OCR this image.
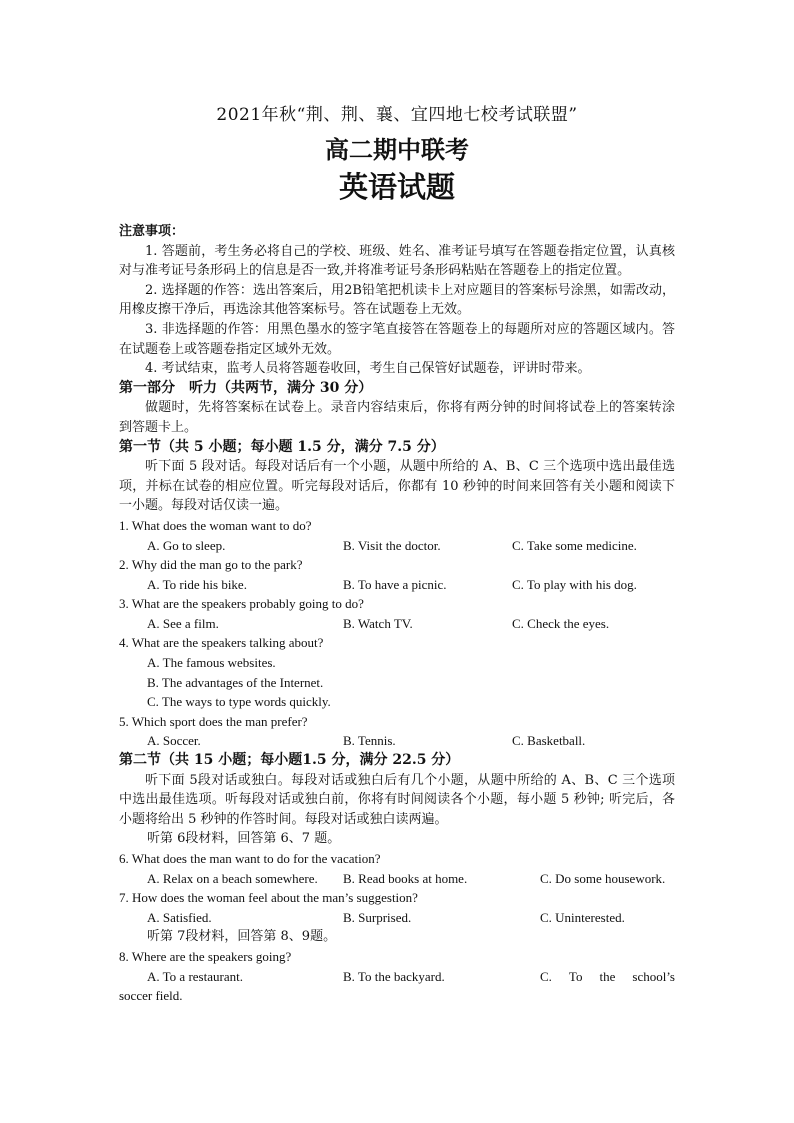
2021年秋“荆、荆、襄、宜四地七校考试联盟”
高二期中联考
英语试题

注意事项：

1. 答题前，考生务必将自己的学校、班级、姓名、准考证号填写在答题卷指定位置，认真核对与准考证号条形码上的信息是否一致,并将准考证号条形码粘贴在答题卷上的指定位置。

2. 选择题的作答：选出答案后，用2B铅笔把机读卡上对应题目的答案标号涂黑，如需改动，用橡皮擦干净后，再选涂其他答案标号。答在试题卷上无效。

3. 非选择题的作答：用黑色墨水的签字笔直接答在答题卷上的每题所对应的答题区域内。答在试题卷上或答题卷指定区域外无效。

4. 考试结束，监考人员将答题卷收回，考生自己保管好试题卷，评讲时带来。

第一部分　听力（共两节，满分 30 分）

做题时，先将答案标在试卷上。录音内容结束后，你将有两分钟的时间将试卷上的答案转涂到答题卡上。

第一节（共 5 小题；每小题 1.5 分，满分 7.5 分）

听下面 5 段对话。每段对话后有一个小题，从题中所给的 A、B、C 三个选项中选出最佳选项，并标在试卷的相应位置。听完每段对话后，你都有 10 秒钟的时间来回答有关小题和阅读下一小题。每段对话仅读一遍。

1. What does the woman want to do?

A. Go to sleep.	B. Visit the doctor.	C. Take some medicine.

2. Why did the man go to the park?

A. To ride his bike.	B. To have a picnic.	C. To play with his dog.

3. What are the speakers probably going to do?

A. See a film.	B. Watch TV.	C. Check the eyes.

4. What are the speakers talking about?

A. The famous websites.

B. The advantages of the Internet.

C. The ways to type words quickly.

5. Which sport does the man prefer?

A. Soccer.	B. Tennis.	C. Basketball.

第二节（共 15 小题；每小题1.5 分，满分 22.5 分）

听下面 5段对话或独白。每段对话或独白后有几个小题，从题中所给的 A、B、C 三个选项中选出最佳选项。听每段对话或独白前，你将有时间阅读各个小题，每小题 5 秒钟; 听完后，各小题将给出 5 秒钟的作答时间。每段对话或独白读两遍。

听第 6段材料，回答第 6、7 题。

6. What does the man want to do for the vacation?

A. Relax on a beach somewhere.	B. Read books at home.	C. Do some housework.

7. How does the woman feel about the man’s suggestion?

A. Satisfied.	B. Surprised.	C. Uninterested.

听第 7段材料，回答第 8、9题。

8. Where are the speakers going?

A. To a restaurant.	B. To the backyard.	C.　To　the　school’s

soccer field.
